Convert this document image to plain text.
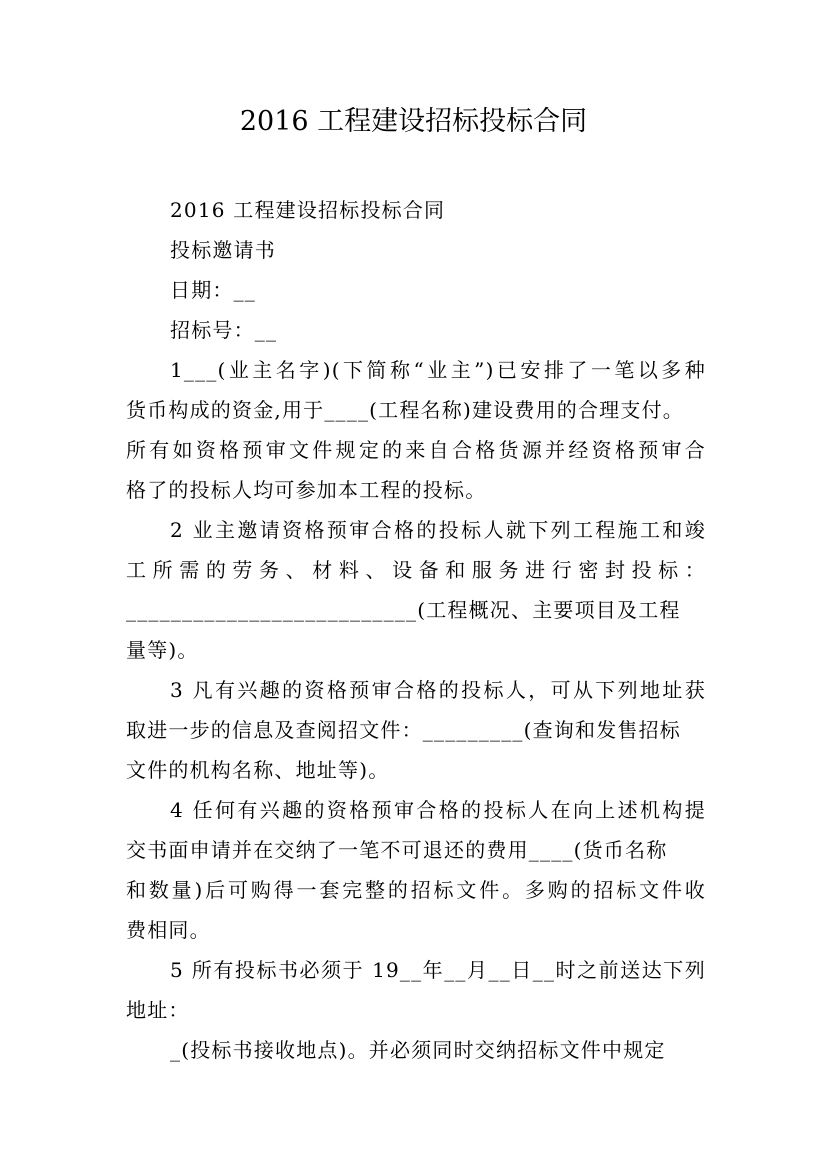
2016 工程建设招标投标合同
2016 工程建设招标投标合同
投标邀请书
日期：__
招标号：__
1___(业主名字)(下简称“业主”)已安排了一笔以多种
货币构成的资金,用于____(工程名称)建设费用的合理支付。
所有如资格预审文件规定的来自合格货源并经资格预审合
格了的投标人均可参加本工程的投标。
2 业主邀请资格预审合格的投标人就下列工程施工和竣
工所需的劳务、材料、设备和服务进行密封投标：
__________________________(工程概况、主要项目及工程
量等)。
3 凡有兴趣的资格预审合格的投标人，可从下列地址获
取进一步的信息及查阅招文件：_________(查询和发售招标
文件的机构名称、地址等)。
4 任何有兴趣的资格预审合格的投标人在向上述机构提
交书面申请并在交纳了一笔不可退还的费用____(货币名称
和数量)后可购得一套完整的招标文件。多购的招标文件收
费相同。
5 所有投标书必须于 19__年__月__日__时之前送达下列
地址：
_(投标书接收地点)。并必须同时交纳招标文件中规定
